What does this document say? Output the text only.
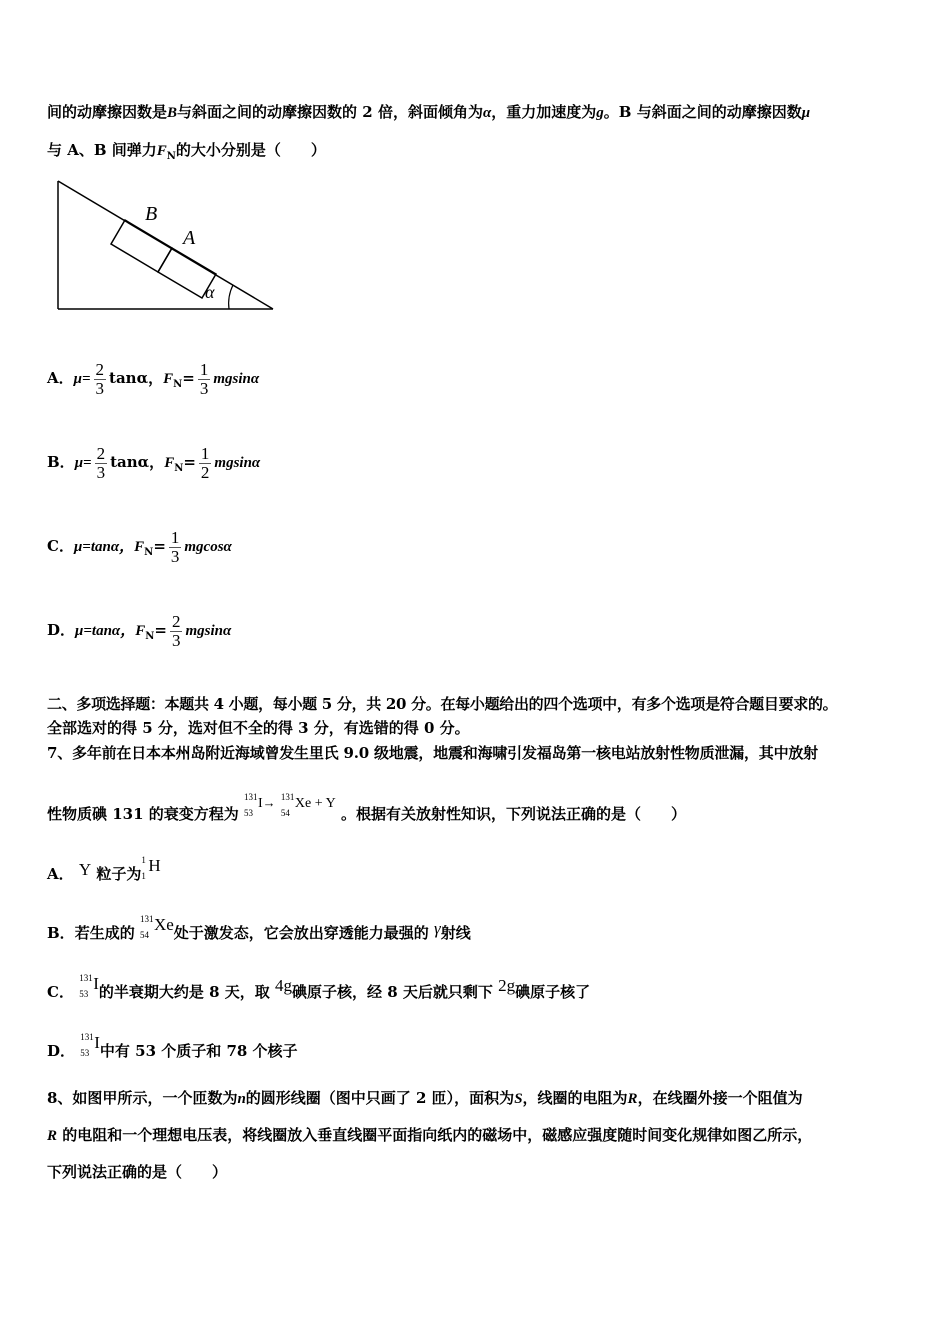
间的动摩擦因数是B与斜面之间的动摩擦因数的 2 倍，斜面倾角为α，重力加速度为g。B 与斜面之间的动摩擦因数μ
与 A、B 间弹力$F_N$的大小分别是（　　）
B
A
α
A．$\mu= \frac{2}{3}$ tanα，$F_N= \frac{1}{3}$ mgsinα
B．$\mu= \frac{2}{3}$ tanα，$F_N= \frac{1}{2}$ mgsinα
C．μ=tanα，$F_N= \frac{1}{3}$ mgcosα
D．μ=tanα，$F_N= \frac{2}{3}$ mgsinα
二、多项选择题：本题共 4 小题，每小题 5 分，共 20 分。在每小题给出的四个选项中，有多个选项是符合题目要求的。
全部选对的得 5 分，选对但不全的得 3 分，有选错的得 0 分。
7、多年前在日本本州岛附近海域曾发生里氏 9.0 级地震，地震和海啸引发福岛第一核电站放射性物质泄漏，其中放射
性物质碘 131 的衰变方程为
131
53
I→ 131
54
Xe + Y 。根据有关放射性知识，下列说法正确的是（　　）
A． Y 粒子为
1
1
H
B．若生成的
131
54
Xe处于激发态，它会放出穿透能力最强的 γ射线
C．
131
53
I的半衰期大约是 8 天，取 4g碘原子核，经 8 天后就只剩下 2g碘原子核了
D．
131
53
I中有 53 个质子和 78 个核子
8、如图甲所示，一个匝数为n的圆形线圈（图中只画了 2 匝），面积为S，线圈的电阻为R，在线圈外接一个阻值为
R 的电阻和一个理想电压表，将线圈放入垂直线圈平面指向纸内的磁场中，磁感应强度随时间变化规律如图乙所示，
下列说法正确的是（　　）
